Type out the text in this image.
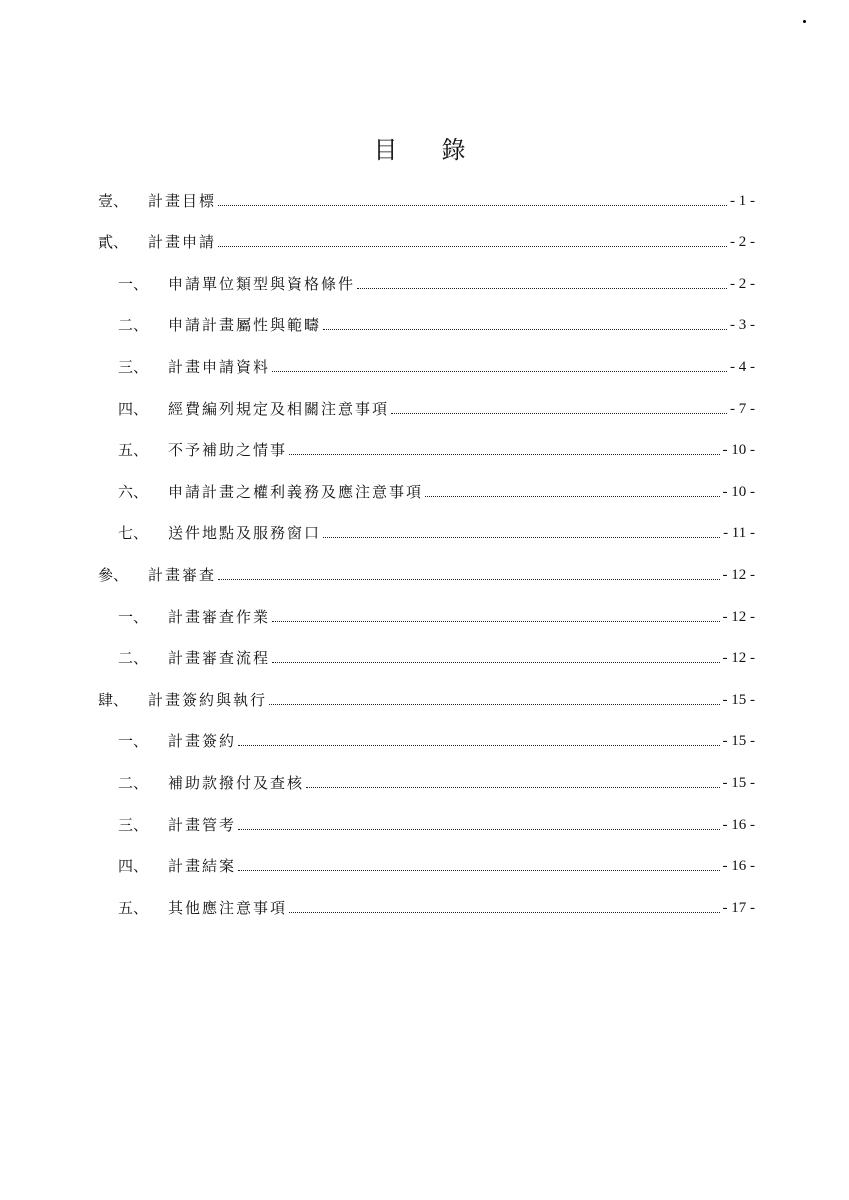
目　錄
壹、 計畫目標	- 1 -
貳、 計畫申請	- 2 -
一、 申請單位類型與資格條件	- 2 -
二、 申請計畫屬性與範疇	- 3 -
三、 計畫申請資料	- 4 -
四、 經費編列規定及相關注意事項	- 7 -
五、 不予補助之情事	- 10 -
六、 申請計畫之權利義務及應注意事項	- 10 -
七、 送件地點及服務窗口	- 11 -
參、 計畫審查	- 12 -
一、 計畫審查作業	- 12 -
二、 計畫審查流程	- 12 -
肆、 計畫簽約與執行	- 15 -
一、 計畫簽約	- 15 -
二、 補助款撥付及查核	- 15 -
三、 計畫管考	- 16 -
四、 計畫結案	- 16 -
五、 其他應注意事項	- 17 -
